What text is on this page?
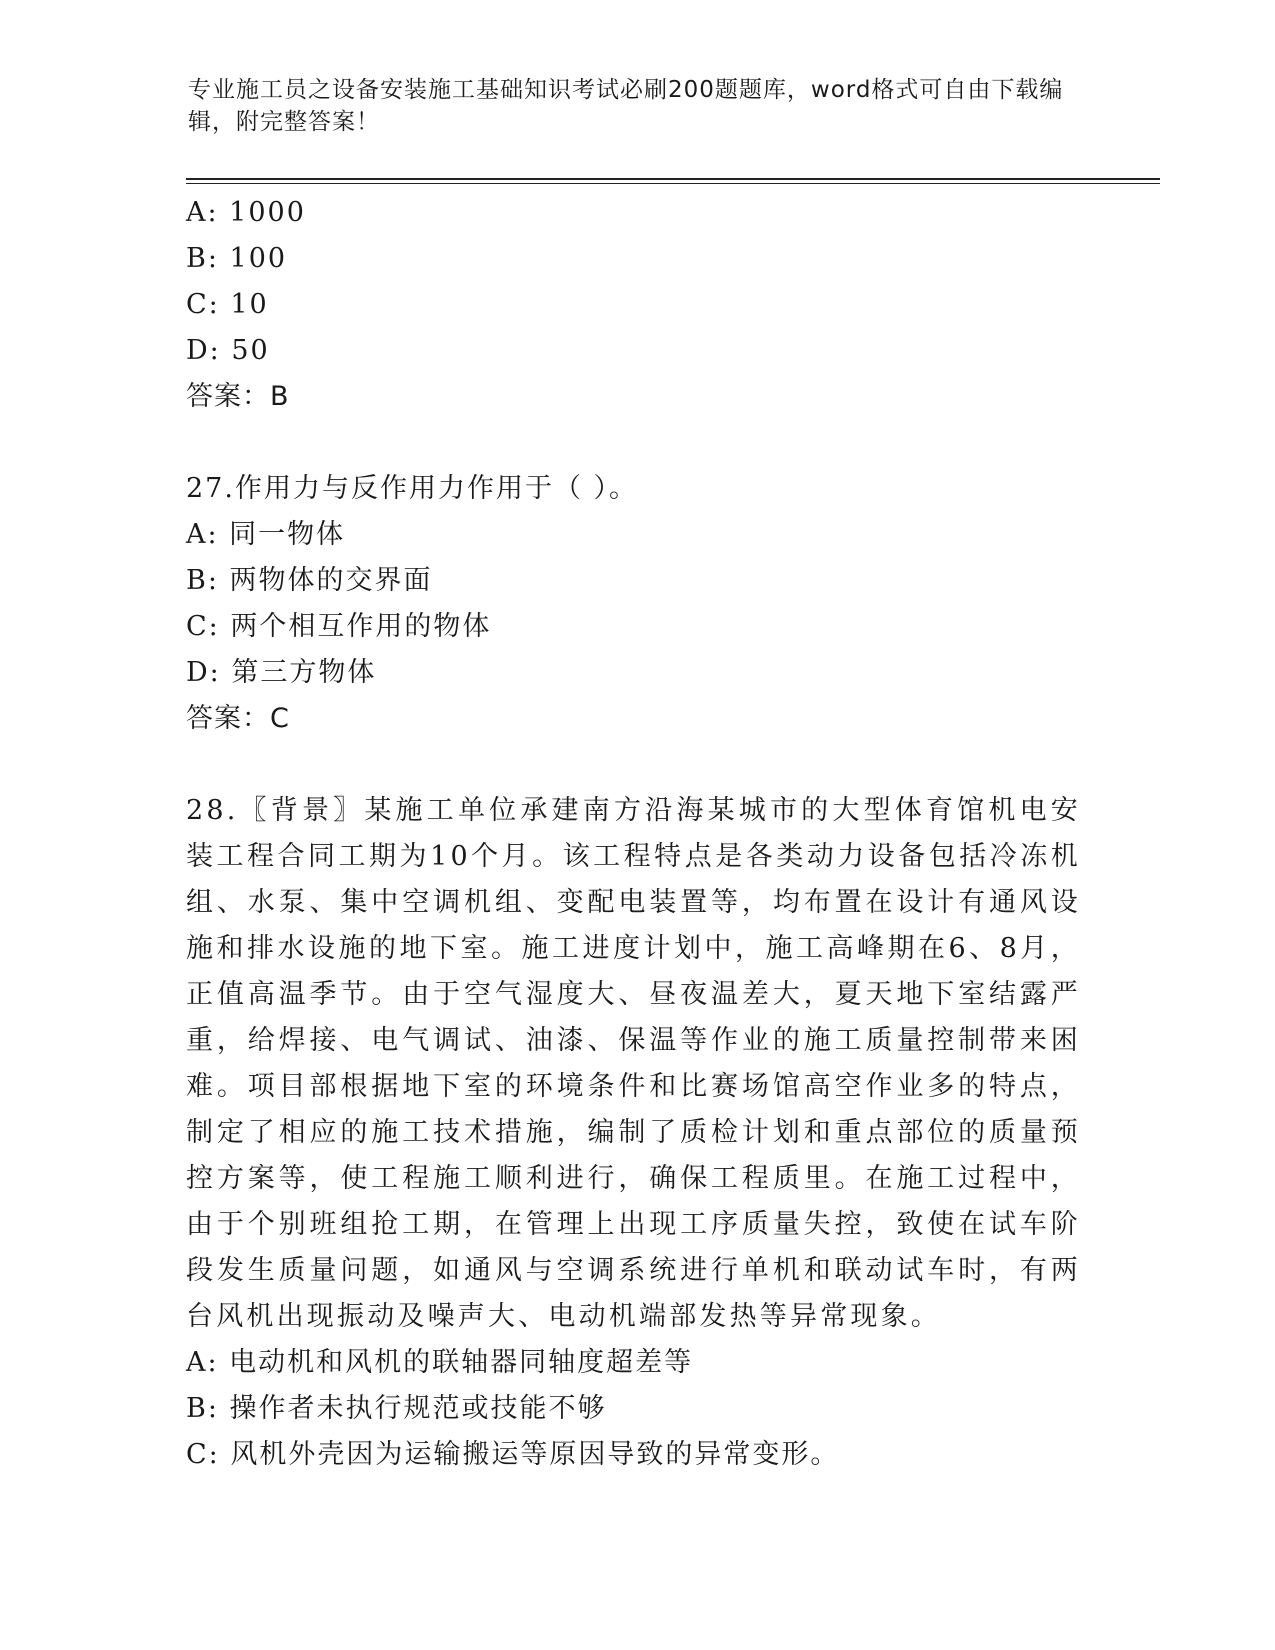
专业施工员之设备安装施工基础知识考试必刷200题题库，word格式可自由下载编辑，附完整答案！
A: 1000
B: 100
C: 10
D: 50
答案：B
27.作用力与反作用力作用于（ ）。
A: 同一物体
B: 两物体的交界面
C: 两个相互作用的物体
D: 第三方物体
答案：C
28.〖背景〗某施工单位承建南方沿海某城市的大型体育馆机电安装工程合同工期为10个月。该工程特点是各类动力设备包括冷冻机组、水泵、集中空调机组、变配电装置等，均布置在设计有通风设施和排水设施的地下室。施工进度计划中，施工高峰期在6、8月，正值高温季节。由于空气湿度大、昼夜温差大，夏天地下室结露严重，给焊接、电气调试、油漆、保温等作业的施工质量控制带来困难。项目部根据地下室的环境条件和比赛场馆高空作业多的特点，制定了相应的施工技术措施，编制了质检计划和重点部位的质量预控方案等，使工程施工顺利进行，确保工程质里。在施工过程中，由于个别班组抢工期，在管理上出现工序质量失控，致使在试车阶段发生质量问题，如通风与空调系统进行单机和联动试车时，有两台风机出现振动及噪声大、电动机端部发热等异常现象。
A: 电动机和风机的联轴器同轴度超差等
B: 操作者未执行规范或技能不够
C: 风机外壳因为运输搬运等原因导致的异常变形。
